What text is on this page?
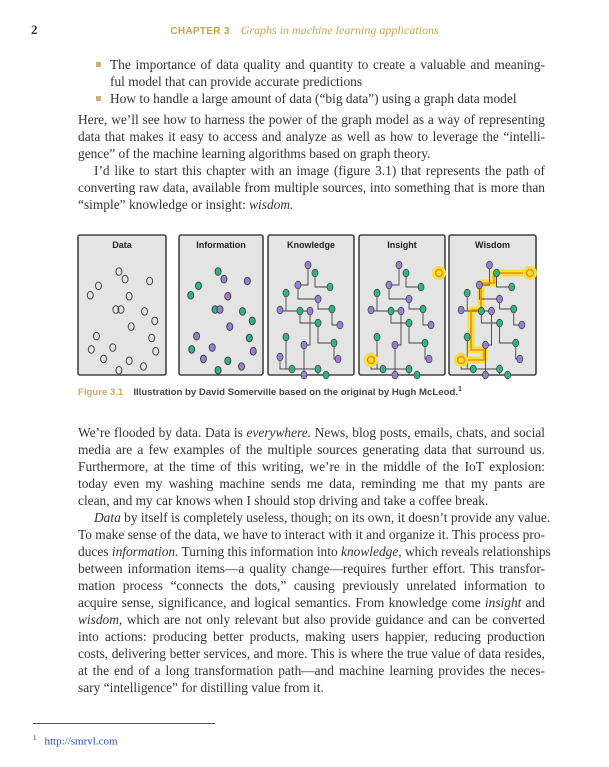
2	CHAPTER 3 Graphs in machine learning applications
The importance of data quality and quantity to create a valuable and meaning-
ful model that can provide accurate predictions
How to handle a large amount of data (“big data”) using a graph data model
Here, we’ll see how to harness the power of the graph model as a way of representing
data that makes it easy to access and analyze as well as how to leverage the “intelli-
gence” of the machine learning algorithms based on graph theory.
I’d like to start this chapter with an image (figure 3.1) that represents the path of
converting raw data, available from multiple sources, into something that is more than
“simple” knowledge or insight: wisdom.
We’re flooded by data. Data is everywhere. News, blog posts, emails, chats, and social
media are a few examples of the multiple sources generating data that surround us.
Furthermore, at the time of this writing, we’re in the middle of the IoT explosion:
today even my washing machine sends me data, reminding me that my pants are
clean, and my car knows when I should stop driving and take a coffee break.
Data by itself is completely useless, though; on its own, it doesn’t provide any value.
To make sense of the data, we have to interact with it and organize it. This process pro-
duces information. Turning this information into knowledge, which reveals relationships
between information items—a quality change—requires further effort. This transfor-
mation process “connects the dots,” causing previously unrelated information to
acquire sense, significance, and logical semantics. From knowledge come insight and
wisdom, which are not only relevant but also provide guidance and can be converted
into actions: producing better products, making users happier, reducing production
costs, delivering better services, and more. This is where the true value of data resides,
at the end of a long transformation path—and machine learning provides the neces-
sary “intelligence” for distilling value from it.
Data	Information	Knowledge	Insight	Wisdom
Figure 3.1 Illustration by David Somerville based on the original by Hugh McLeod.$^1$
$^1$ http://smrvl.com
